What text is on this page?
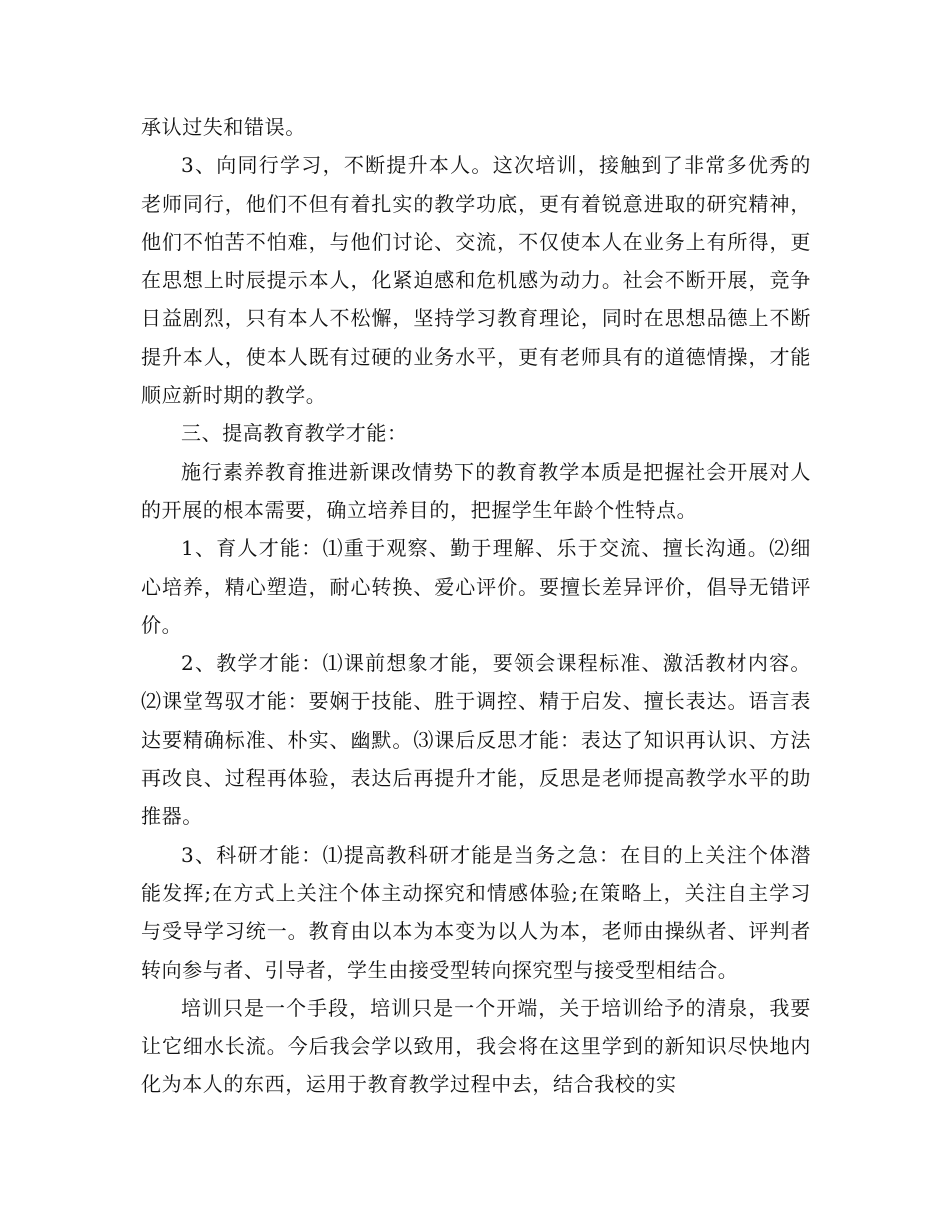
承认过失和错误。

3、向同行学习，不断提升本人。这次培训，接触到了非常多优秀的老师同行，他们不但有着扎实的教学功底，更有着锐意进取的研究精神，他们不怕苦不怕难，与他们讨论、交流，不仅使本人在业务上有所得，更在思想上时辰提示本人，化紧迫感和危机感为动力。社会不断开展，竞争日益剧烈，只有本人不松懈，坚持学习教育理论，同时在思想品德上不断提升本人，使本人既有过硬的业务水平，更有老师具有的道德情操，才能顺应新时期的教学。

三、提高教育教学才能：

施行素养教育推进新课改情势下的教育教学本质是把握社会开展对人的开展的根本需要，确立培养目的，把握学生年龄个性特点。

1、育人才能：⑴重于观察、勤于理解、乐于交流、擅长沟通。⑵细心培养，精心塑造，耐心转换、爱心评价。要擅长差异评价，倡导无错评价。

2、教学才能：⑴课前想象才能，要领会课程标准、激活教材内容。⑵课堂驾驭才能：要娴于技能、胜于调控、精于启发、擅长表达。语言表达要精确标准、朴实、幽默。⑶课后反思才能：表达了知识再认识、方法再改良、过程再体验，表达后再提升才能，反思是老师提高教学水平的助推器。

3、科研才能：⑴提高教科研才能是当务之急：在目的上关注个体潜能发挥;在方式上关注个体主动探究和情感体验;在策略上，关注自主学习与受导学习统一。教育由以本为本变为以人为本，老师由操纵者、评判者转向参与者、引导者，学生由接受型转向探究型与接受型相结合。

培训只是一个手段，培训只是一个开端，关于培训给予的清泉，我要让它细水长流。今后我会学以致用，我会将在这里学到的新知识尽快地内化为本人的东西，运用于教育教学过程中去，结合我校的实
